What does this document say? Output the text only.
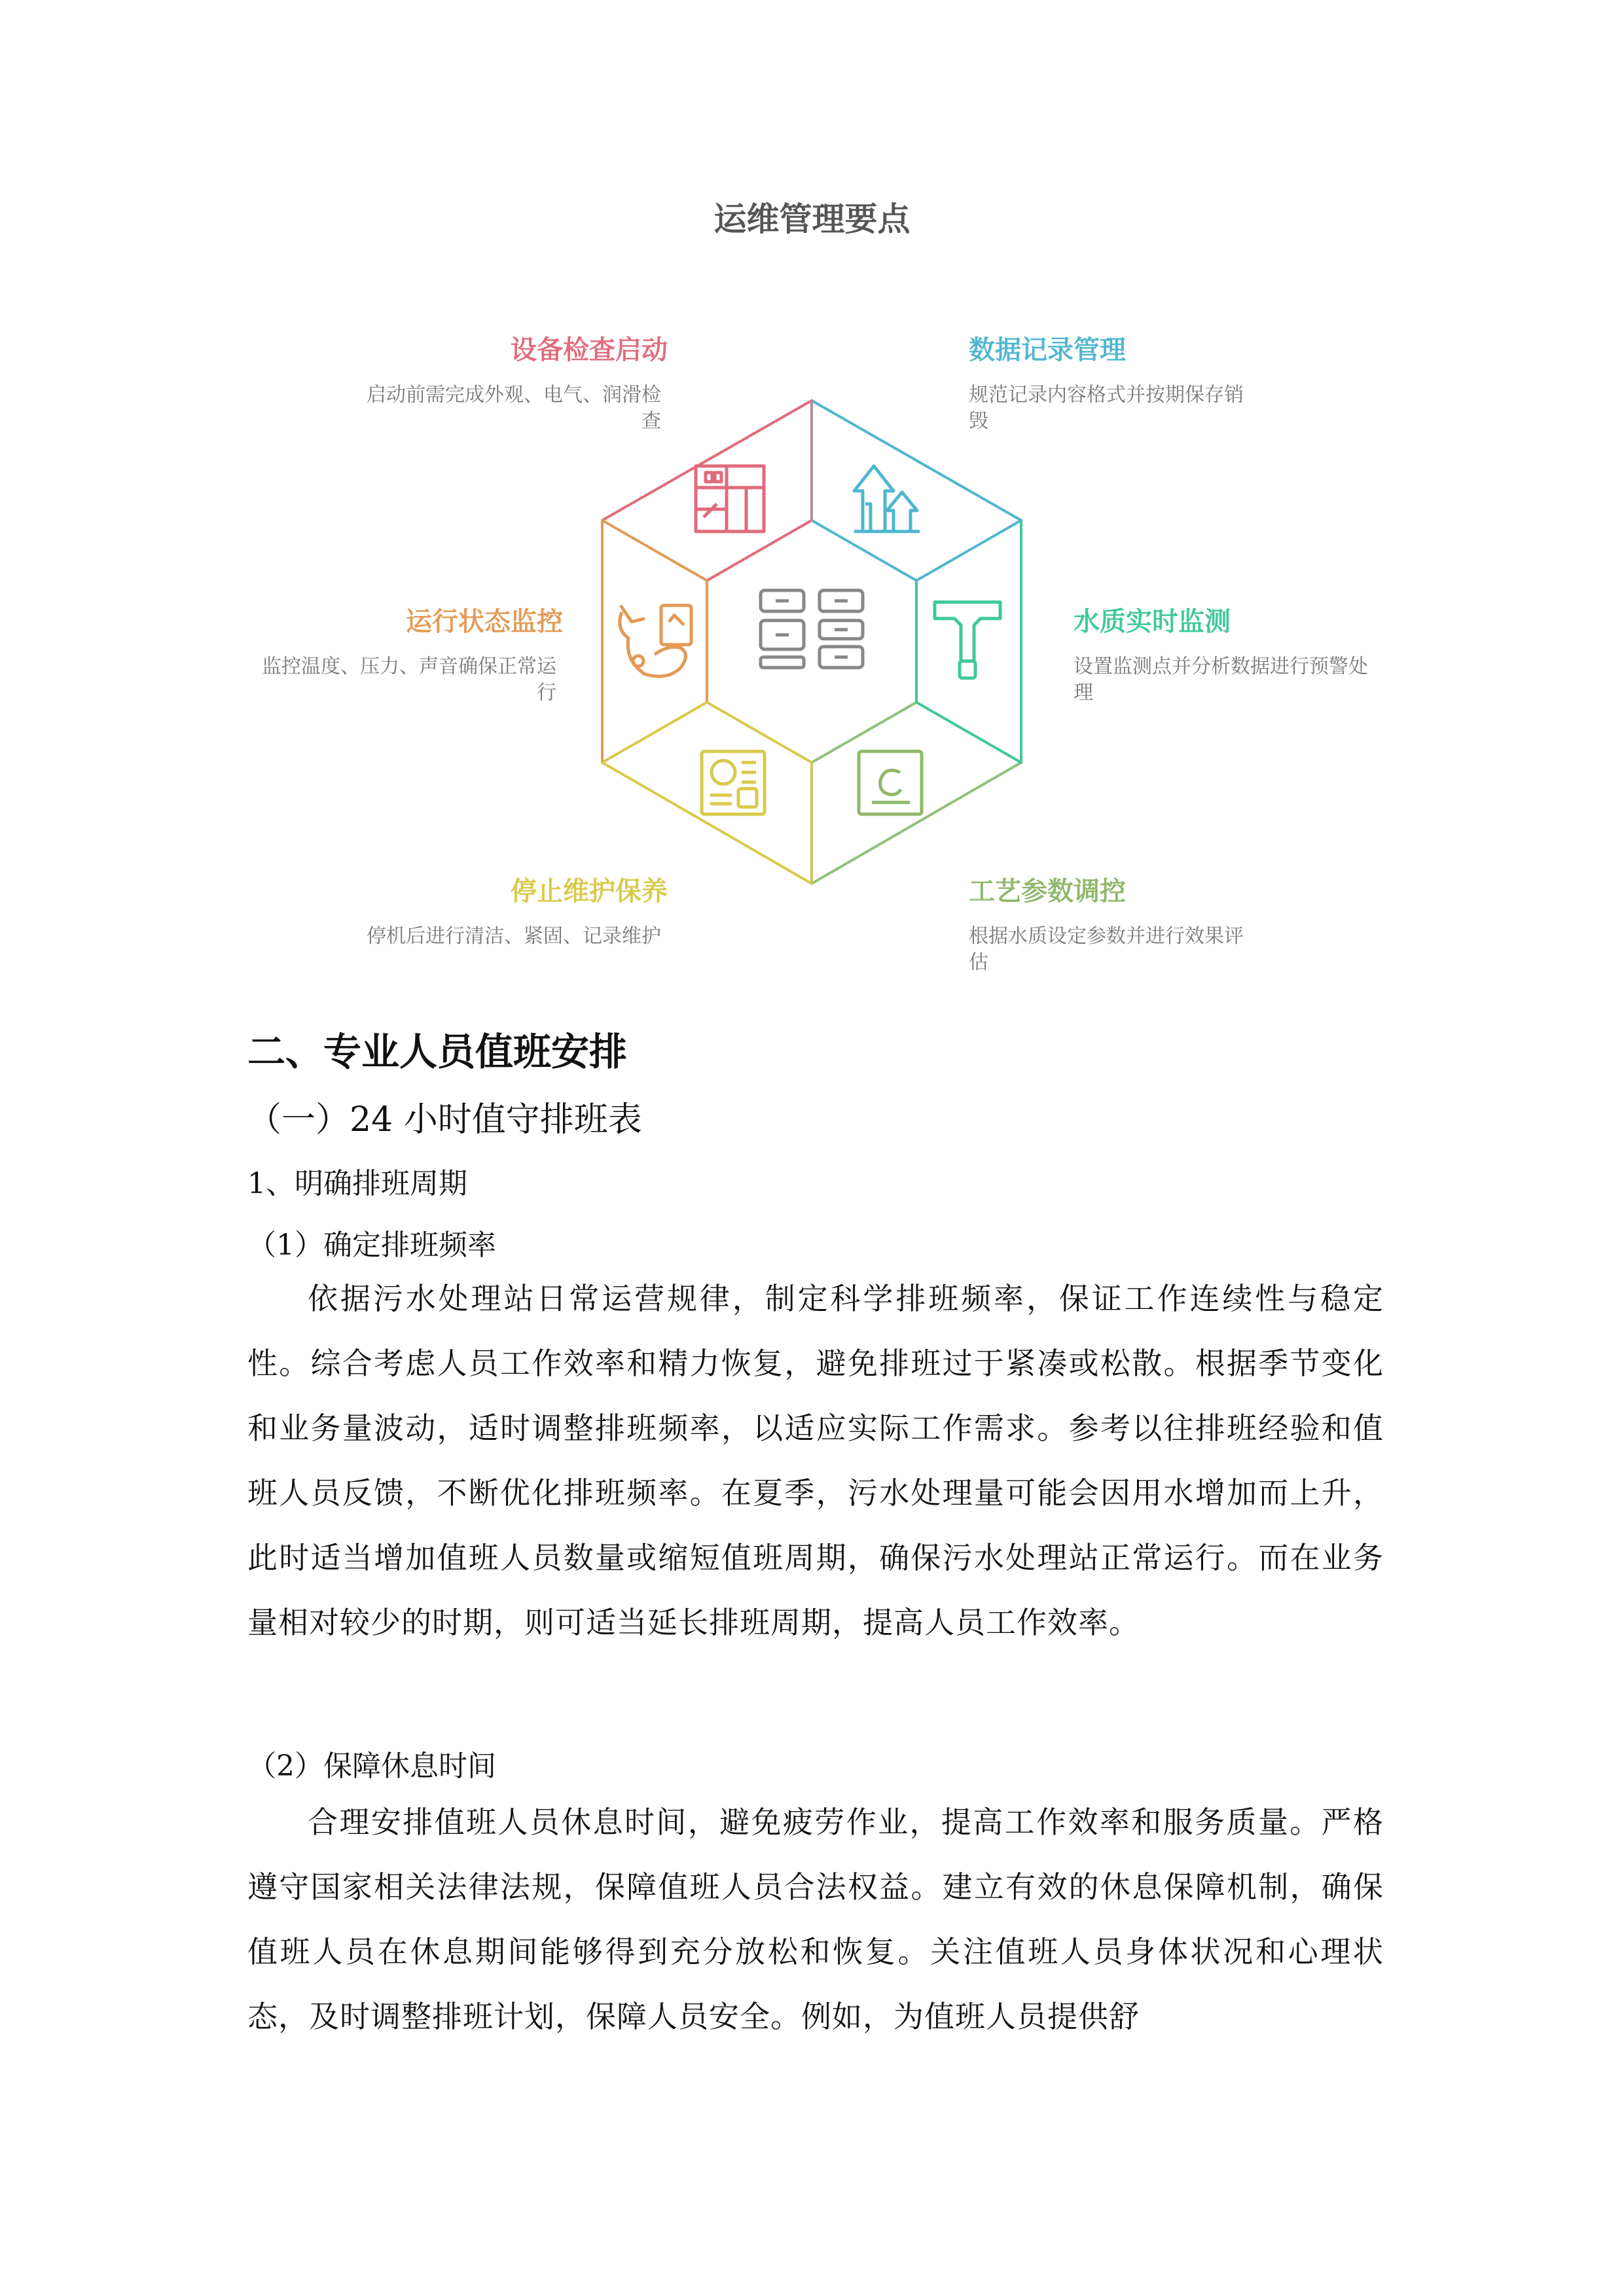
运维管理要点
设备检查启动
启动前需完成外观、电气、润滑检查
数据记录管理
规范记录内容格式并按期保存销毁
水质实时监测
设置监测点并分析数据进行预警处理
工艺参数调控
根据水质设定参数并进行效果评估
停止维护保养
停机后进行清洁、紧固、记录维护
运行状态监控
监控温度、压力、声音确保正常运行
二、专业人员值班安排
（一）24 小时值守排班表
1、明确排班周期
（1）确定排班频率
依据污水处理站日常运营规律，制定科学排班频率，保证工作连续性与稳定性。综合考虑人员工作效率和精力恢复，避免排班过于紧凑或松散。根据季节变化和业务量波动，适时调整排班频率，以适应实际工作需求。参考以往排班经验和值班人员反馈，不断优化排班频率。在夏季，污水处理量可能会因用水增加而上升，此时适当增加值班人员数量或缩短值班周期，确保污水处理站正常运行。而在业务量相对较少的时期，则可适当延长排班周期，提高人员工作效率。
（2）保障休息时间
合理安排值班人员休息时间，避免疲劳作业，提高工作效率和服务质量。严格遵守国家相关法律法规，保障值班人员合法权益。建立有效的休息保障机制，确保值班人员在休息期间能够得到充分放松和恢复。关注值班人员身体状况和心理状态，及时调整排班计划，保障人员安全。例如，为值班人员提供舒
